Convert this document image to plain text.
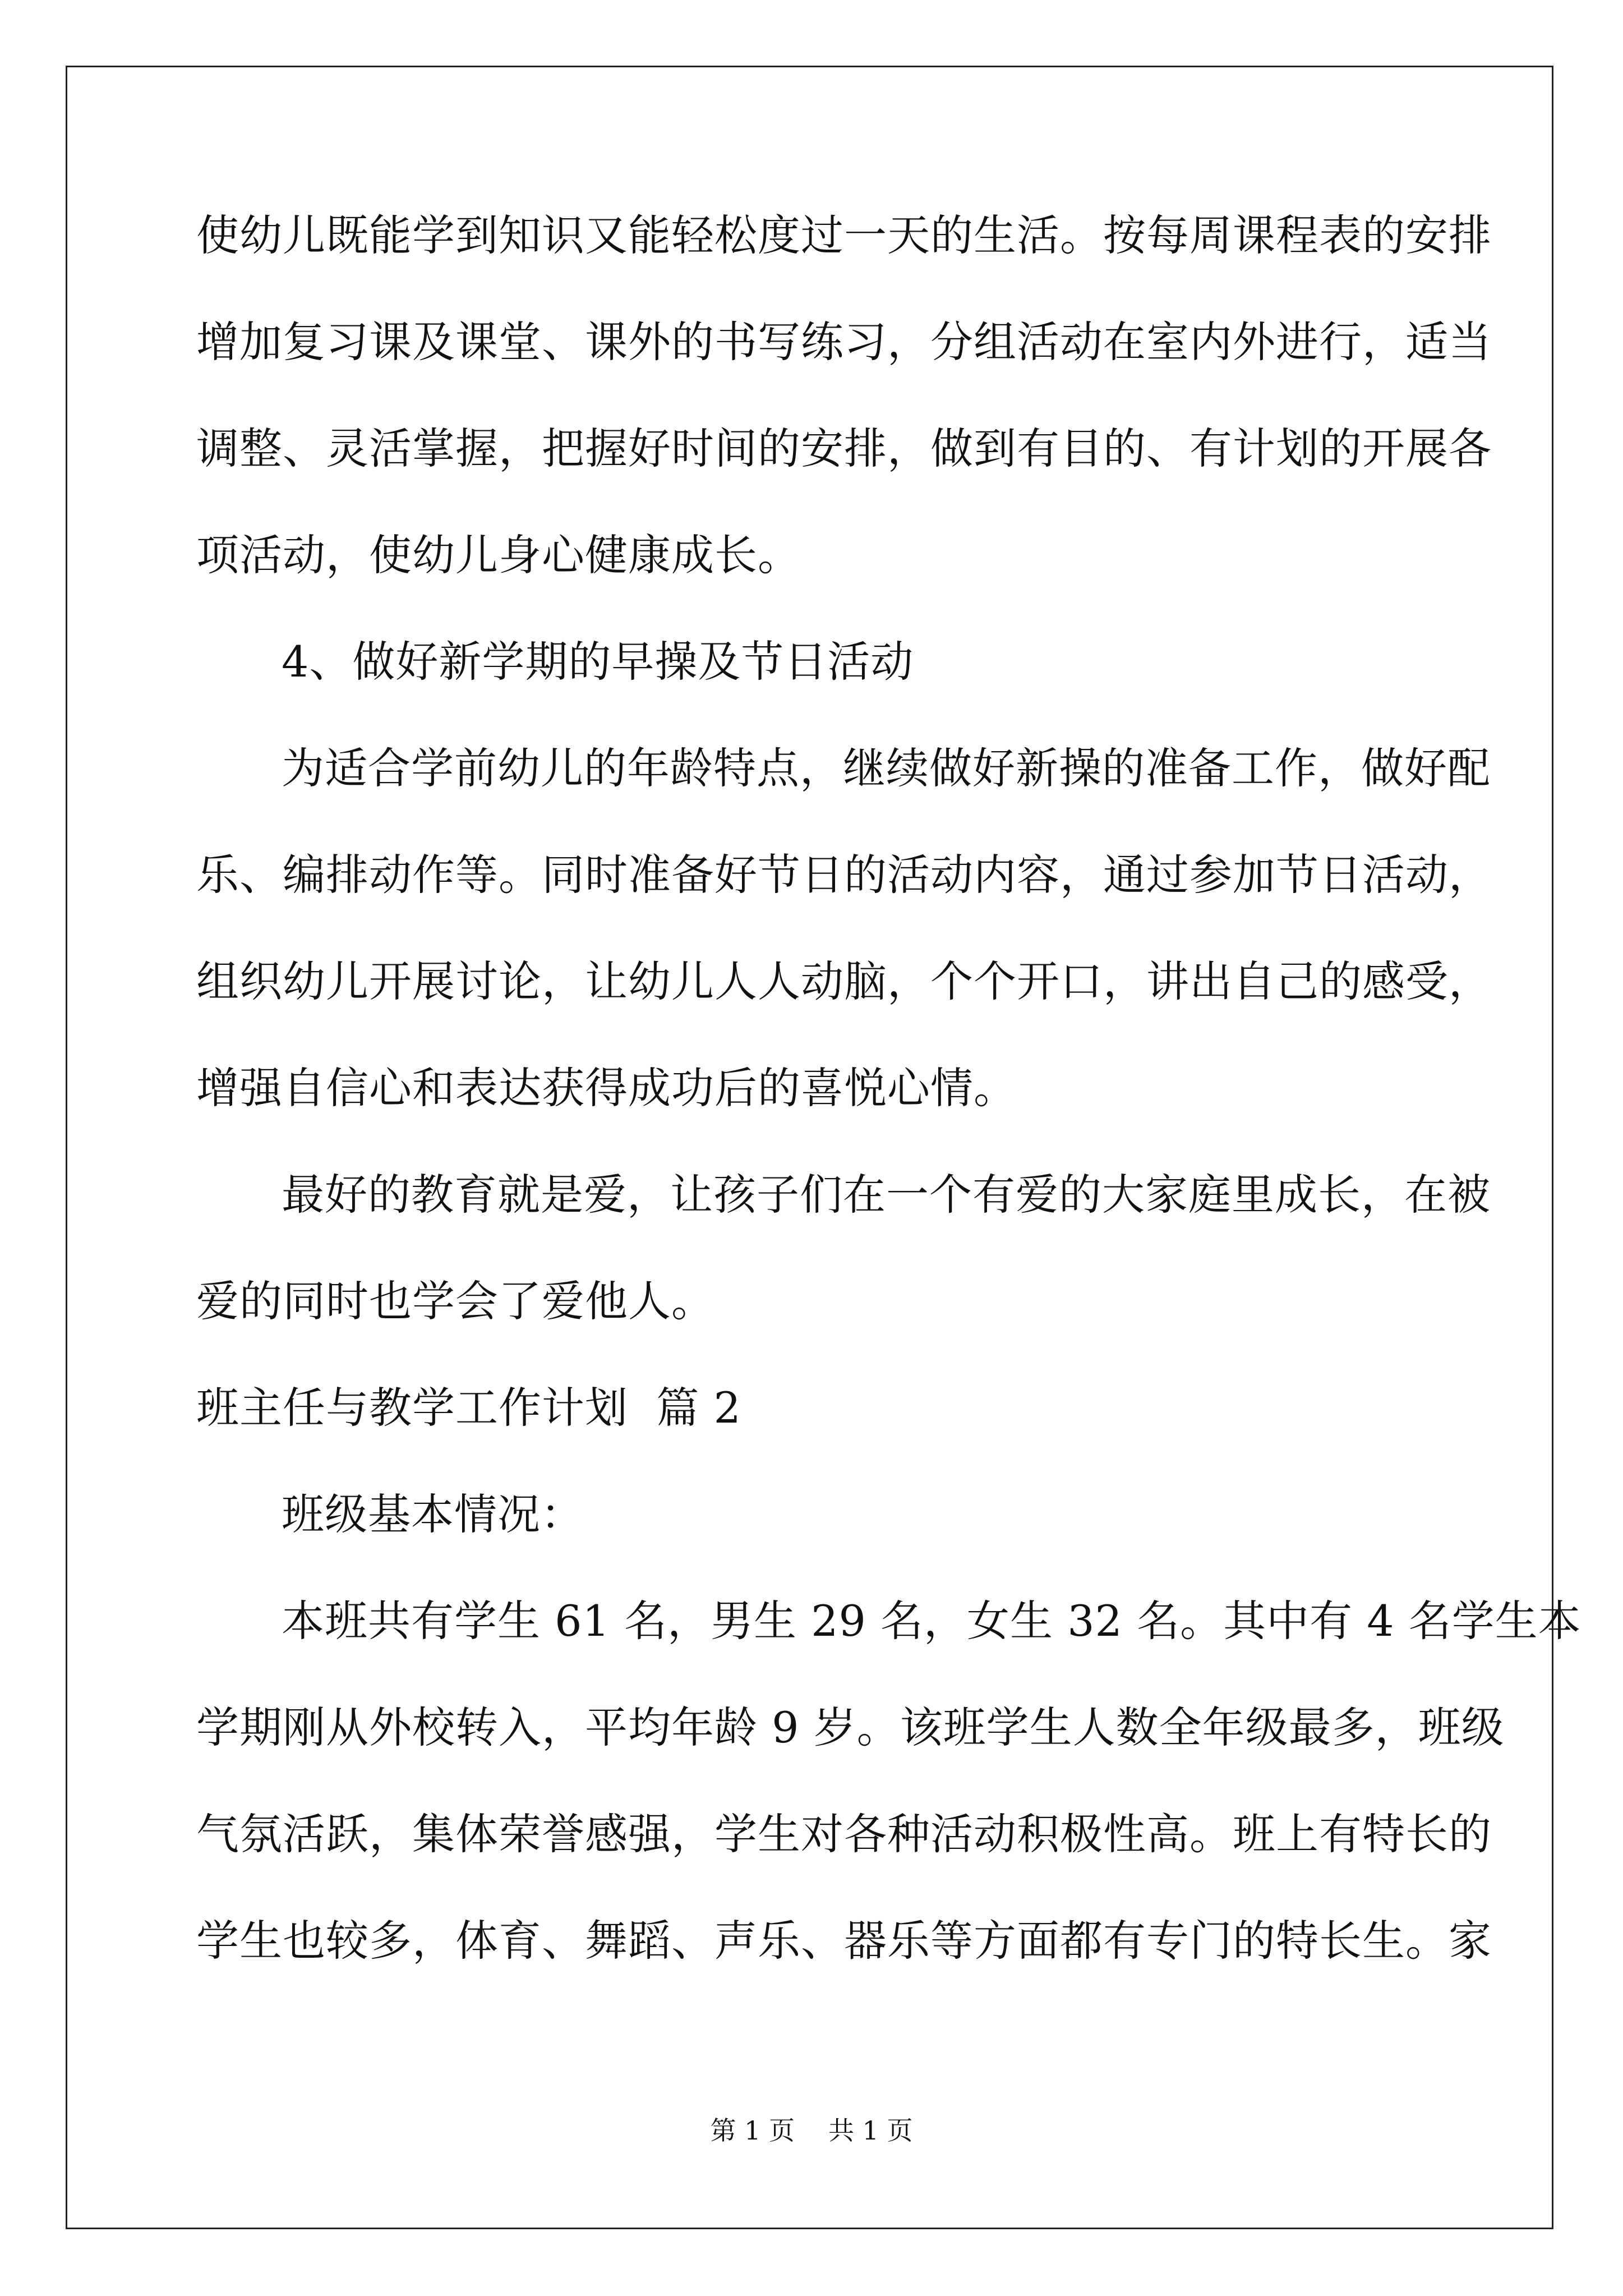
使幼儿既能学到知识又能轻松度过一天的生活。按每周课程表的安排
增加复习课及课堂、课外的书写练习，分组活动在室内外进行，适当
调整、灵活掌握，把握好时间的安排，做到有目的、有计划的开展各
项活动，使幼儿身心健康成长。
4、做好新学期的早操及节日活动
为适合学前幼儿的年龄特点，继续做好新操的准备工作，做好配
乐、编排动作等。同时准备好节日的活动内容，通过参加节日活动，
组织幼儿开展讨论，让幼儿人人动脑，个个开口，讲出自己的感受，
增强自信心和表达获得成功后的喜悦心情。
最好的教育就是爱，让孩子们在一个有爱的大家庭里成长，在被
爱的同时也学会了爱他人。
班主任与教学工作计划  篇 2
班级基本情况：
本班共有学生 61 名，男生 29 名，女生 32 名。其中有 4 名学生本
学期刚从外校转入，平均年龄 9 岁。该班学生人数全年级最多，班级
气氛活跃，集体荣誉感强，学生对各种活动积极性高。班上有特长的
学生也较多，体育、舞蹈、声乐、器乐等方面都有专门的特长生。家
第 1 页 共 1 页
